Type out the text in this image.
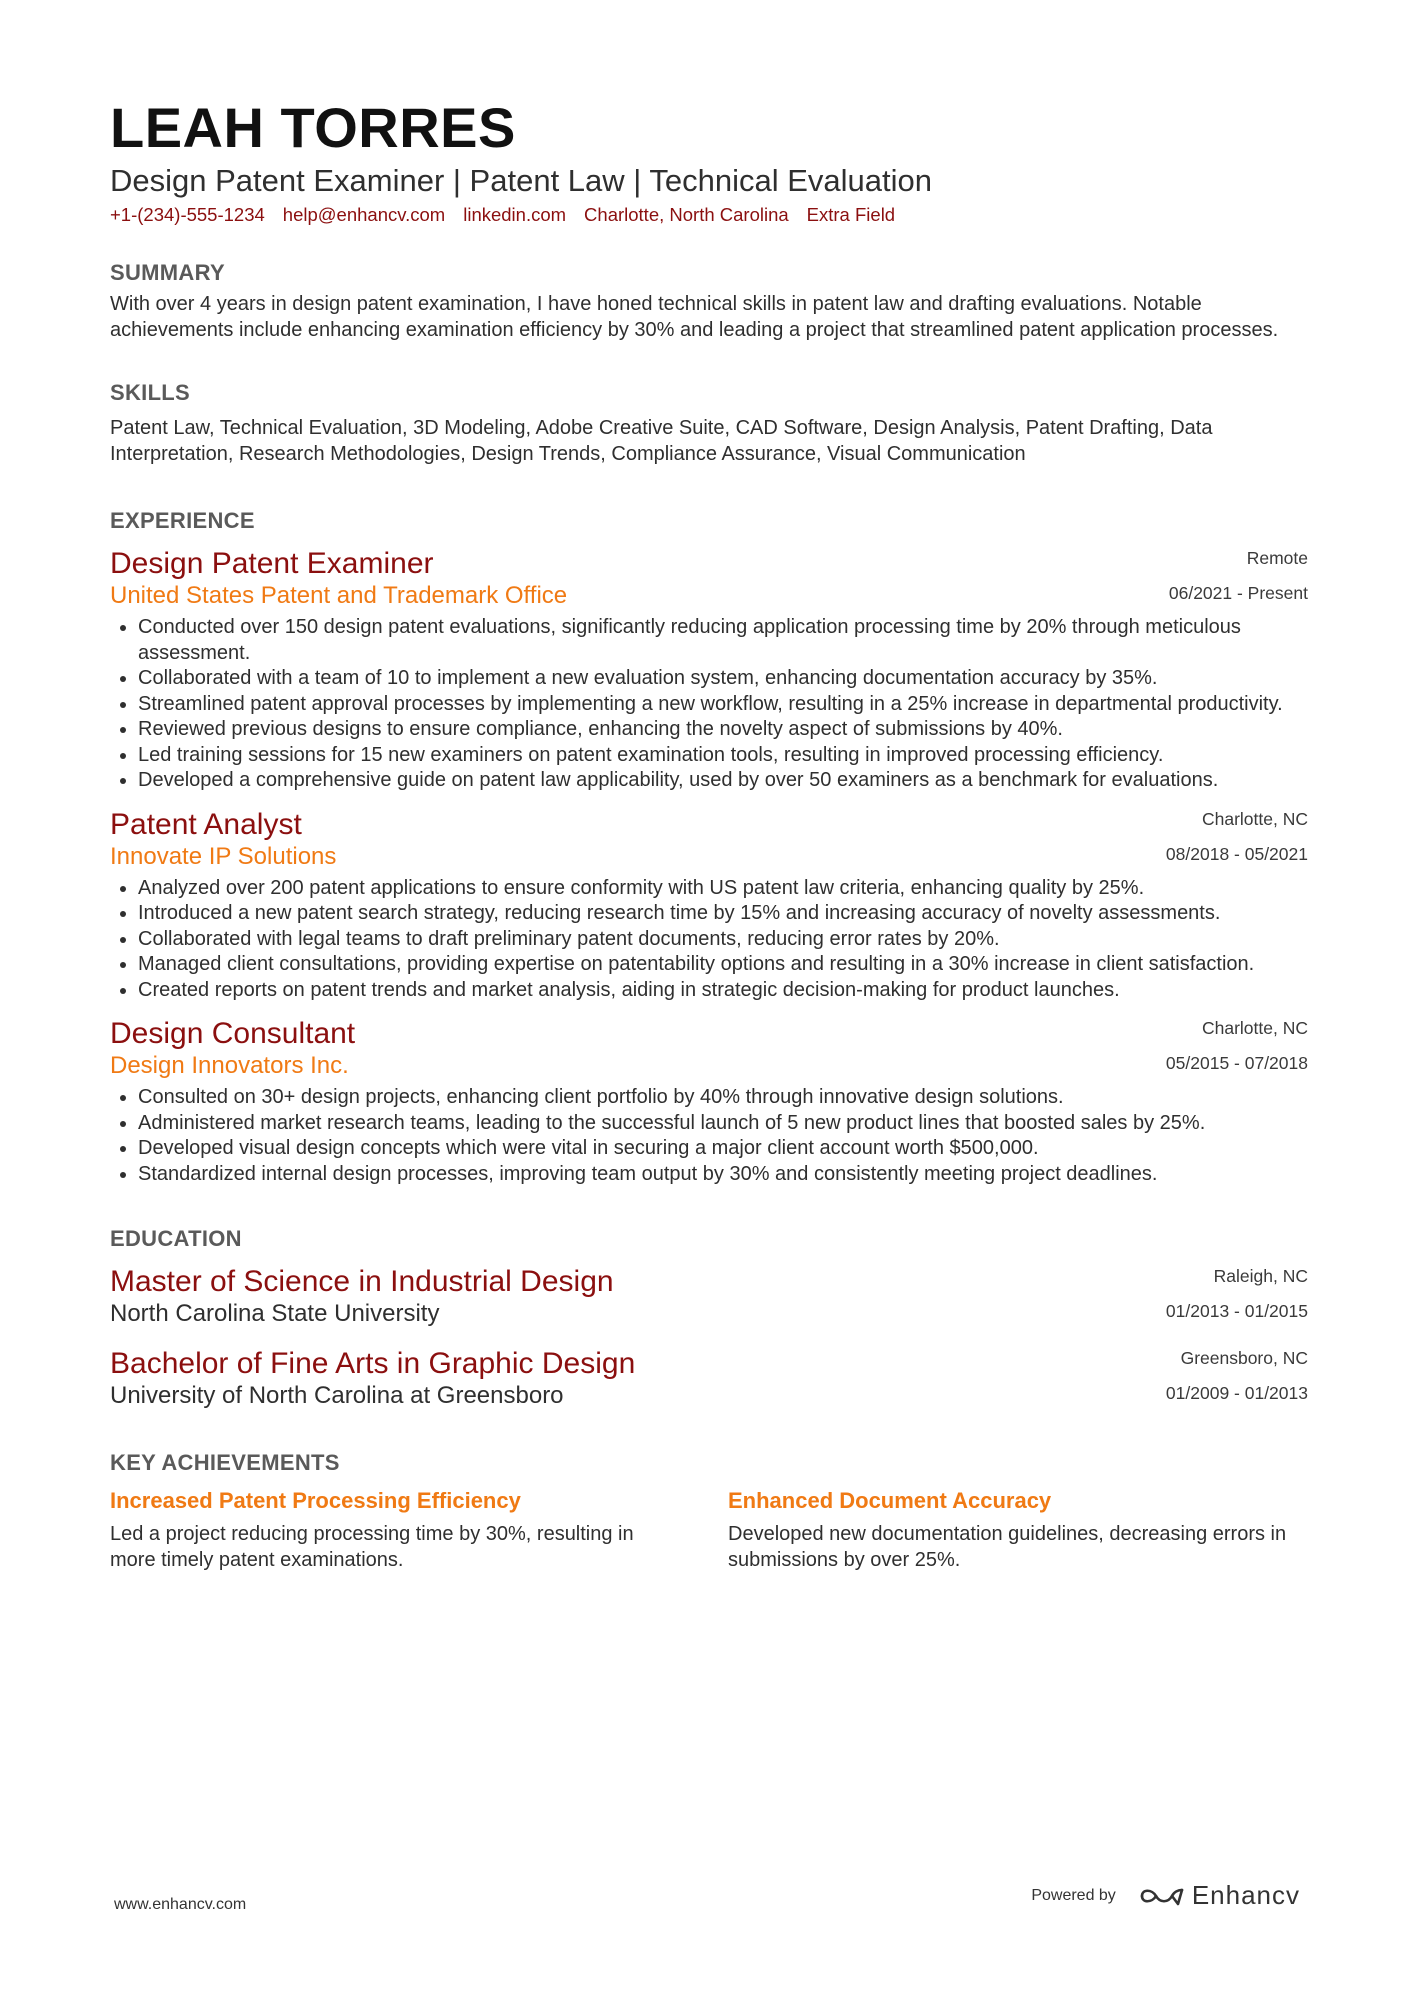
LEAH TORRES
Design Patent Examiner | Patent Law | Technical Evaluation
+1-(234)-555-1234 help@enhancv.com linkedin.com Charlotte, North Carolina Extra Field
SUMMARY
With over 4 years in design patent examination, I have honed technical skills in patent law and drafting evaluations. Notable achievements include enhancing examination efficiency by 30% and leading a project that streamlined patent application processes.
SKILLS
Patent Law, Technical Evaluation, 3D Modeling, Adobe Creative Suite, CAD Software, Design Analysis, Patent Drafting, Data Interpretation, Research Methodologies, Design Trends, Compliance Assurance, Visual Communication
EXPERIENCE
Remote
06/2021 - Present
Design Patent Examiner
United States Patent and Trademark Office
• Conducted over 150 design patent evaluations, significantly reducing application processing time by 20% through meticulous assessment.
• Collaborated with a team of 10 to implement a new evaluation system, enhancing documentation accuracy by 35%.
• Streamlined patent approval processes by implementing a new workflow, resulting in a 25% increase in departmental productivity.
• Reviewed previous designs to ensure compliance, enhancing the novelty aspect of submissions by 40%.
• Led training sessions for 15 new examiners on patent examination tools, resulting in improved processing efficiency.
• Developed a comprehensive guide on patent law applicability, used by over 50 examiners as a benchmark for evaluations.
Charlotte, NC
08/2018 - 05/2021
Patent Analyst
Innovate IP Solutions
• Analyzed over 200 patent applications to ensure conformity with US patent law criteria, enhancing quality by 25%.
• Introduced a new patent search strategy, reducing research time by 15% and increasing accuracy of novelty assessments.
• Collaborated with legal teams to draft preliminary patent documents, reducing error rates by 20%.
• Managed client consultations, providing expertise on patentability options and resulting in a 30% increase in client satisfaction.
• Created reports on patent trends and market analysis, aiding in strategic decision-making for product launches.
Charlotte, NC
05/2015 - 07/2018
Design Consultant
Design Innovators Inc.
• Consulted on 30+ design projects, enhancing client portfolio by 40% through innovative design solutions.
• Administered market research teams, leading to the successful launch of 5 new product lines that boosted sales by 25%.
• Developed visual design concepts which were vital in securing a major client account worth $500,000.
• Standardized internal design processes, improving team output by 30% and consistently meeting project deadlines.
EDUCATION
Raleigh, NC
01/2013 - 01/2015
Master of Science in Industrial Design
North Carolina State University
Greensboro, NC
01/2009 - 01/2013
Bachelor of Fine Arts in Graphic Design
University of North Carolina at Greensboro
KEY ACHIEVEMENTS
Increased Patent Processing Efficiency
Led a project reducing processing time by 30%, resulting in more timely patent examinations.
Enhanced Document Accuracy
Developed new documentation guidelines, decreasing errors in submissions by over 25%.
www.enhancv.com
Powered by	Enhancv
